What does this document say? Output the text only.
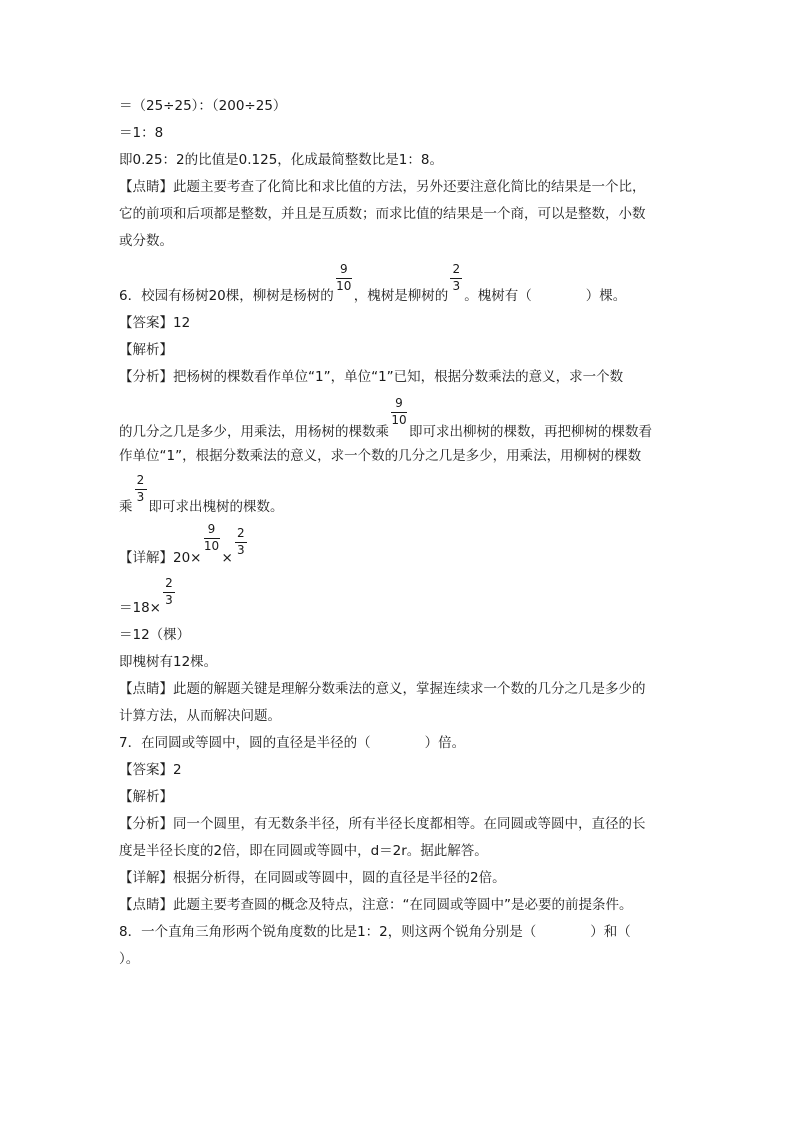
＝（25÷25）：（200÷25）
＝1：8
即0.25：2的比值是0.125，化成最简整数比是1：8。
【点睛】此题主要考查了化简比和求比值的方法，另外还要注意化简比的结果是一个比，
它的前项和后项都是整数，并且是互质数；而求比值的结果是一个商，可以是整数，小数
或分数。
6．校园有杨树20棵，柳树是杨树的 $\frac{9}{10}$ ，槐树是柳树的 $\frac{2}{3}$ 。槐树有（　　　　）棵。
【答案】12
【解析】
【分析】把杨树的棵数看作单位“1”，单位“1”已知，根据分数乘法的意义，求一个数
的几分之几是多少，用乘法，用杨树的棵数乘 $\frac{9}{10}$ 即可求出柳树的棵数，再把柳树的棵数看
作单位“1”，根据分数乘法的意义，求一个数的几分之几是多少，用乘法，用柳树的棵数
乘 $\frac{2}{3}$ 即可求出槐树的棵数。
【详解】$20\times \frac{9}{10} \times \frac{2}{3}$
$=18\times \frac{2}{3}$
＝12（棵）
即槐树有12棵。
【点睛】此题的解题关键是理解分数乘法的意义，掌握连续求一个数的几分之几是多少的
计算方法，从而解决问题。
7．在同圆或等圆中，圆的直径是半径的（　　　　）倍。
【答案】2
【解析】
【分析】同一个圆里，有无数条半径，所有半径长度都相等。在同圆或等圆中，直径的长
度是半径长度的2倍，即在同圆或等圆中，d＝2r。据此解答。
【详解】根据分析得，在同圆或等圆中，圆的直径是半径的2倍。
【点睛】此题主要考查圆的概念及特点，注意：“在同圆或等圆中”是必要的前提条件。
8．一个直角三角形两个锐角度数的比是1：2，则这两个锐角分别是（　　　　）和（
）。
